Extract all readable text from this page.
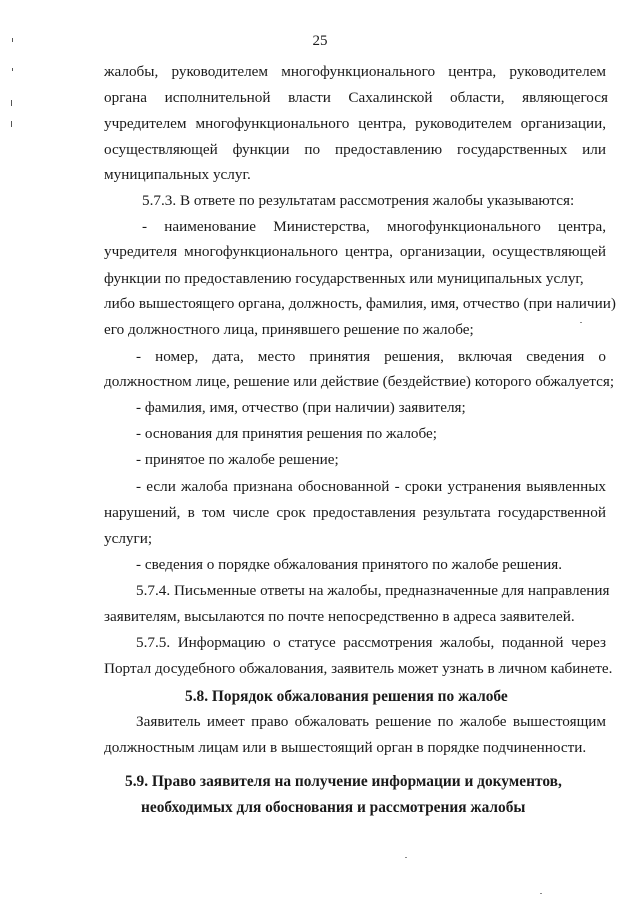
25
жалобы, руководителем многофункционального центра, руководителем
органа исполнительной власти Сахалинской области, являющегося
учредителем многофункционального центра, руководителем организации,
осуществляющей функции по предоставлению государственных или
муниципальных услуг.
5.7.3. В ответе по результатам рассмотрения жалобы указываются:
- наименование Министерства, многофункционального центра,
учредителя многофункционального центра, организации, осуществляющей
функции по предоставлению государственных или муниципальных услуг,
либо вышестоящего органа, должность, фамилия, имя, отчество (при наличии)
его должностного лица, принявшего решение по жалобе;
- номер, дата, место принятия решения, включая сведения о
должностном лице, решение или действие (бездействие) которого обжалуется;
- фамилия, имя, отчество (при наличии) заявителя;
- основания для принятия решения по жалобе;
- принятое по жалобе решение;
- если жалоба признана обоснованной - сроки устранения выявленных
нарушений, в том числе срок предоставления результата государственной
услуги;
- сведения о порядке обжалования принятого по жалобе решения.
5.7.4. Письменные ответы на жалобы, предназначенные для направления
заявителям, высылаются по почте непосредственно в адреса заявителей.
5.7.5. Информацию о статусе рассмотрения жалобы, поданной через
Портал досудебного обжалования, заявитель может узнать в личном кабинете.
5.8. Порядок обжалования решения по жалобе
Заявитель имеет право обжаловать решение по жалобе вышестоящим
должностным лицам или в вышестоящий орган в порядке подчиненности.
5.9. Право заявителя на получение информации и документов,
необходимых для обоснования и рассмотрения жалобы
